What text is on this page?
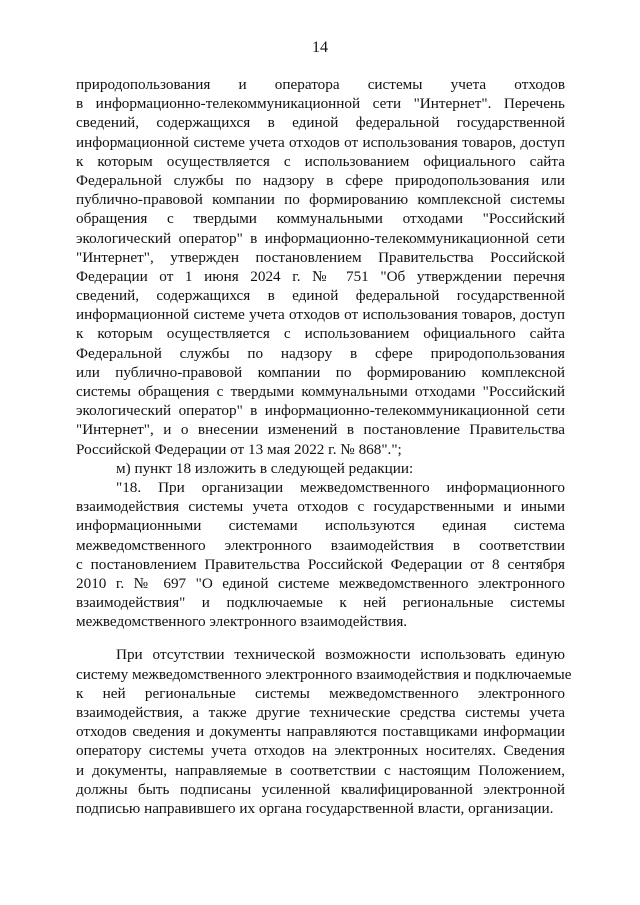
14
природопользования и оператора системы учета отходов
в информационно-телекоммуникационной сети "Интернет". Перечень
сведений, содержащихся в единой федеральной государственной
информационной системе учета отходов от использования товаров, доступ
к которым осуществляется с использованием официального сайта
Федеральной службы по надзору в сфере природопользования или
публично-правовой компании по формированию комплексной системы
обращения с твердыми коммунальными отходами "Российский
экологический оператор" в информационно-телекоммуникационной сети
"Интернет", утвержден постановлением Правительства Российской
Федерации от 1 июня 2024 г. № 751 "Об утверждении перечня
сведений, содержащихся в единой федеральной государственной
информационной системе учета отходов от использования товаров, доступ
к которым осуществляется с использованием официального сайта
Федеральной службы по надзору в сфере природопользования
или публично-правовой компании по формированию комплексной
системы обращения с твердыми коммунальными отходами "Российский
экологический оператор" в информационно-телекоммуникационной сети
"Интернет", и о внесении изменений в постановление Правительства
Российской Федерации от 13 мая 2022 г. № 868".";
м) пункт 18 изложить в следующей редакции:
"18. При организации межведомственного информационного
взаимодействия системы учета отходов с государственными и иными
информационными системами используются единая система
межведомственного электронного взаимодействия в соответствии
с постановлением Правительства Российской Федерации от 8 сентября
2010 г. № 697 "О единой системе межведомственного электронного
взаимодействия" и подключаемые к ней региональные системы
межведомственного электронного взаимодействия.
При отсутствии технической возможности использовать единую
систему межведомственного электронного взаимодействия и подключаемые
к ней региональные системы межведомственного электронного
взаимодействия, а также другие технические средства системы учета
отходов сведения и документы направляются поставщиками информации
оператору системы учета отходов на электронных носителях. Сведения
и документы, направляемые в соответствии с настоящим Положением,
должны быть подписаны усиленной квалифицированной электронной
подписью направившего их органа государственной власти, организации.
